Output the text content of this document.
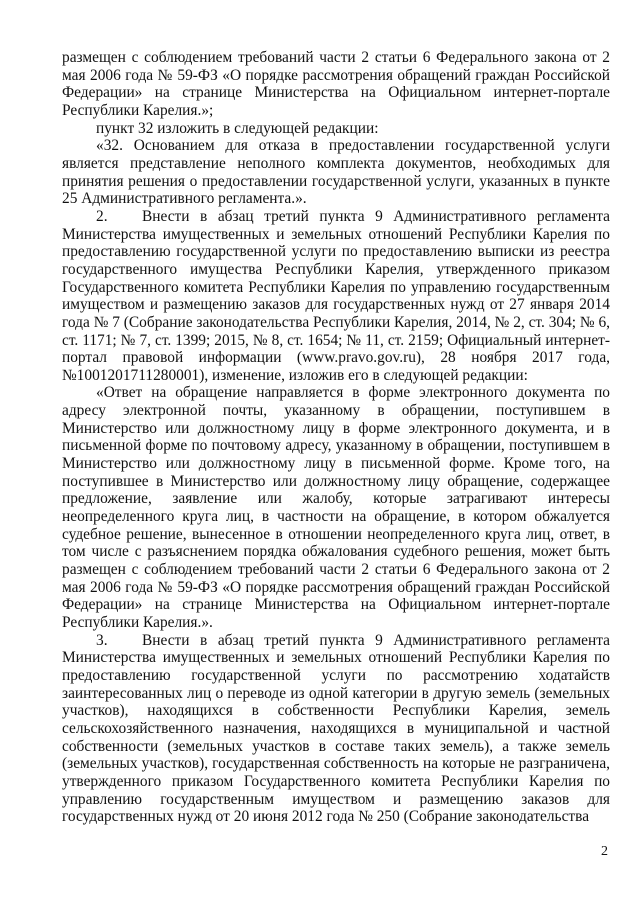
размещен с соблюдением требований части 2 статьи 6 Федерального закона от 2 мая 2006 года № 59-ФЗ «О порядке рассмотрения обращений граждан Российской Федерации» на странице Министерства на Официальном интернет-портале Республики Карелия.»;

пункт 32 изложить в следующей редакции:

«32. Основанием для отказа в предоставлении государственной услуги является представление неполного комплекта документов, необходимых для принятия решения о предоставлении государственной услуги, указанных в пункте 25 Административного регламента.».

2. Внести в абзац третий пункта 9 Административного регламента Министерства имущественных и земельных отношений Республики Карелия по предоставлению государственной услуги по предоставлению выписки из реестра государственного имущества Республики Карелия, утвержденного приказом Государственного комитета Республики Карелия по управлению государственным имуществом и размещению заказов для государственных нужд от 27 января 2014 года № 7 (Собрание законодательства Республики Карелия, 2014, № 2, ст. 304; № 6, ст. 1171; № 7, ст. 1399; 2015, № 8, ст. 1654; № 11, ст. 2159; Официальный интернет-портал правовой информации (www.pravo.gov.ru), 28 ноября 2017 года, №1001201711280001), изменение, изложив его в следующей редакции:

«Ответ на обращение направляется в форме электронного документа по адресу электронной почты, указанному в обращении, поступившем в Министерство или должностному лицу в форме электронного документа, и в письменной форме по почтовому адресу, указанному в обращении, поступившем в Министерство или должностному лицу в письменной форме. Кроме того, на поступившее в Министерство или должностному лицу обращение, содержащее предложение, заявление или жалобу, которые затрагивают интересы неопределенного круга лиц, в частности на обращение, в котором обжалуется судебное решение, вынесенное в отношении неопределенного круга лиц, ответ, в том числе с разъяснением порядка обжалования судебного решения, может быть размещен с соблюдением требований части 2 статьи 6 Федерального закона от 2 мая 2006 года № 59-ФЗ «О порядке рассмотрения обращений граждан Российской Федерации» на странице Министерства на Официальном интернет-портале Республики Карелия.».

3. Внести в абзац третий пункта 9 Административного регламента Министерства имущественных и земельных отношений Республики Карелия по предоставлению государственной услуги по рассмотрению ходатайств заинтересованных лиц о переводе из одной категории в другую земель (земельных участков), находящихся в собственности Республики Карелия, земель сельскохозяйственного назначения, находящихся в муниципальной и частной собственности (земельных участков в составе таких земель), а также земель (земельных участков), государственная собственность на которые не разграничена, утвержденного приказом Государственного комитета Республики Карелия по управлению государственным имуществом и размещению заказов для государственных нужд от 20 июня 2012 года № 250 (Собрание законодательства

2
